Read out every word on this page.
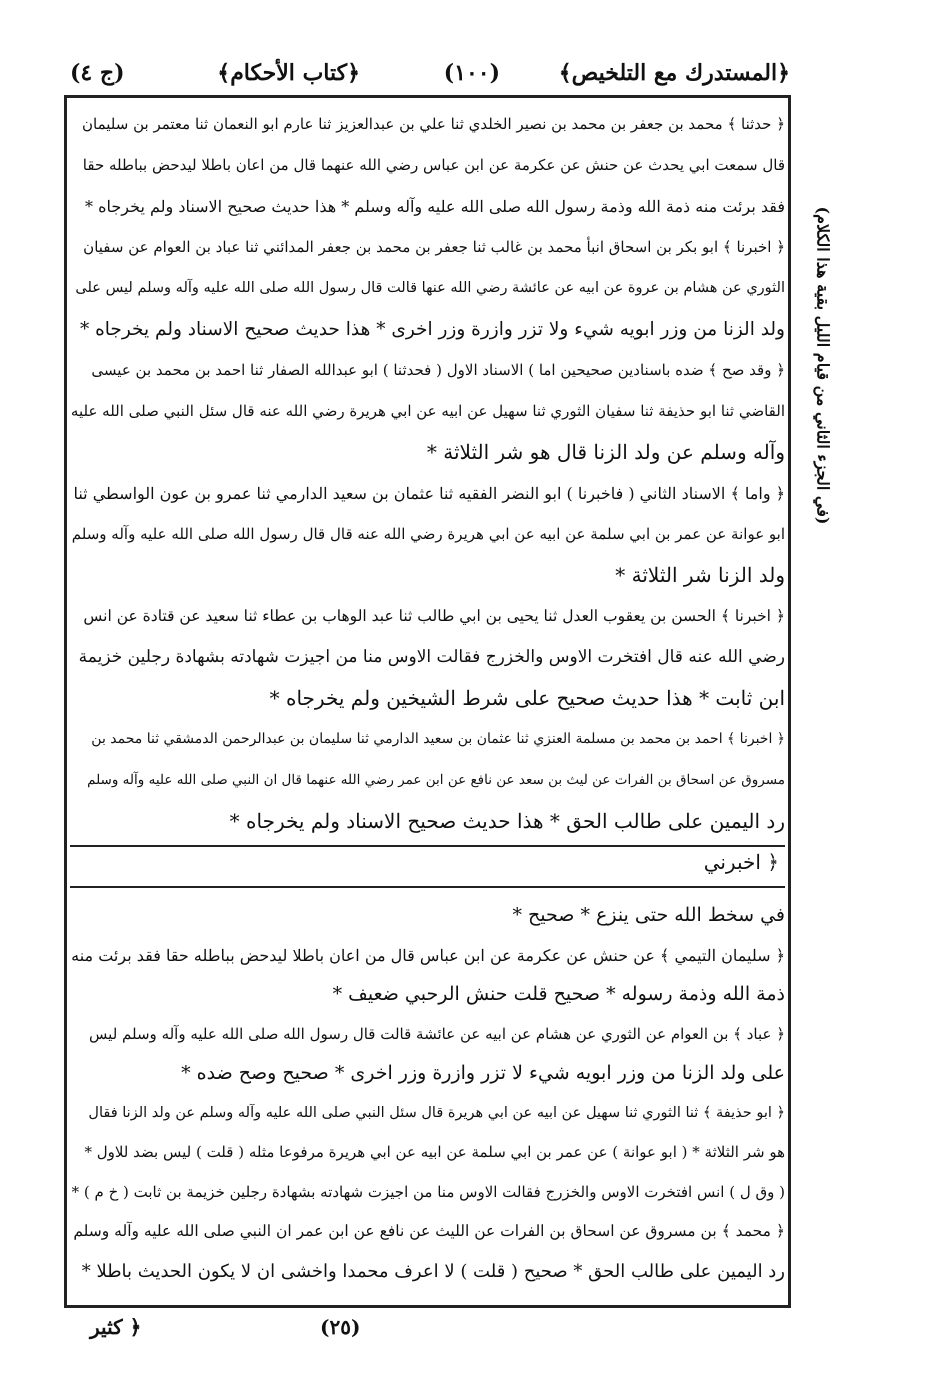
﴿المستدرك مع التلخيص﴾
(١٠٠)
﴿كتاب الأحكام﴾
(ج ٤)
(في الجزء الثاني من قيام الليل بقية هذا الكلام)
﴿ حدثنا ﴾ محمد بن جعفر بن محمد بن نصير الخلدي ثنا علي بن عبدالعزيز ثنا عارم ابو النعمان ثنا معتمر بن سليمان
قال سمعت ابي يحدث عن حنش عن عكرمة عن ابن عباس رضي الله عنهما قال من اعان باطلا ليدحض بباطله حقا
فقد برئت منه ذمة الله وذمة رسول الله صلى الله عليه وآله وسلم * هذا حديث صحيح الاسناد ولم يخرجاه *
﴿ اخبرنا ﴾ ابو بكر بن اسحاق انبأ محمد بن غالب ثنا جعفر بن محمد بن جعفر المدائني ثنا عباد بن العوام عن سفيان
الثوري عن هشام بن عروة عن ابيه عن عائشة رضي الله عنها قالت قال رسول الله صلى الله عليه وآله وسلم ليس على
ولد الزنا من وزر ابويه شيء ولا تزر وازرة وزر اخرى * هذا حديث صحيح الاسناد ولم يخرجاه *
﴿ وقد صح ﴾ ضده باسنادين صحيحين اما ) الاسناد الاول ( فحدثنا ) ابو عبدالله الصفار ثنا احمد بن محمد بن عيسى
القاضي ثنا ابو حذيفة ثنا سفيان الثوري ثنا سهيل عن ابيه عن ابي هريرة رضي الله عنه قال سئل النبي صلى الله عليه
وآله وسلم عن ولد الزنا قال هو شر الثلاثة *
﴿ واما ﴾ الاسناد الثاني ( فاخبرنا ) ابو النضر الفقيه ثنا عثمان بن سعيد الدارمي ثنا عمرو بن عون الواسطي ثنا
ابو عوانة عن عمر بن ابي سلمة عن ابيه عن ابي هريرة رضي الله عنه قال قال رسول الله صلى الله عليه وآله وسلم
ولد الزنا شر الثلاثة *
﴿ اخبرنا ﴾ الحسن بن يعقوب العدل ثنا يحيى بن ابي طالب ثنا عبد الوهاب بن عطاء ثنا سعيد عن قتادة عن انس
رضي الله عنه قال افتخرت الاوس والخزرج فقالت الاوس منا من اجيزت شهادته بشهادة رجلين خزيمة
ابن ثابت * هذا حديث صحيح على شرط الشيخين ولم يخرجاه *
﴿ اخبرنا ﴾ احمد بن محمد بن مسلمة العنزي ثنا عثمان بن سعيد الدارمي ثنا سليمان بن عبدالرحمن الدمشقي ثنا محمد بن
مسروق عن اسحاق بن الفرات عن ليث بن سعد عن نافع عن ابن عمر رضي الله عنهما قال ان النبي صلى الله عليه وآله وسلم
رد اليمين على طالب الحق * هذا حديث صحيح الاسناد ولم يخرجاه *
﴿ اخبرني
في سخط الله حتى ينزع * صحيح *
﴿ سليمان التيمي ﴾ عن حنش عن عكرمة عن ابن عباس قال من اعان باطلا ليدحض بباطله حقا فقد برئت منه
ذمة الله وذمة رسوله * صحيح قلت حنش الرحبي ضعيف *
﴿ عباد ﴾ بن العوام عن الثوري عن هشام عن ابيه عن عائشة قالت قال رسول الله صلى الله عليه وآله وسلم ليس
على ولد الزنا من وزر ابويه شيء لا تزر وازرة وزر اخرى * صحيح وصح ضده *
﴿ ابو حذيفة ﴾ ثنا الثوري ثنا سهيل عن ابيه عن ابي هريرة قال سئل النبي صلى الله عليه وآله وسلم عن ولد الزنا فقال
هو شر الثلاثة * ( ابو عوانة ) عن عمر بن ابي سلمة عن ابيه عن ابي هريرة مرفوعا مثله ( قلت ) ليس بضد للاول *
( وق ل ) انس افتخرت الاوس والخزرج فقالت الاوس منا من اجيزت شهادته بشهادة رجلين خزيمة بن ثابت ( خ م ) *
﴿ محمد ﴾ بن مسروق عن اسحاق بن الفرات عن الليث عن نافع عن ابن عمر ان النبي صلى الله عليه وآله وسلم
رد اليمين على طالب الحق * صحيح ( قلت ) لا اعرف محمدا واخشى ان لا يكون الحديث باطلا *
(٢٥)
﴿ كثير
